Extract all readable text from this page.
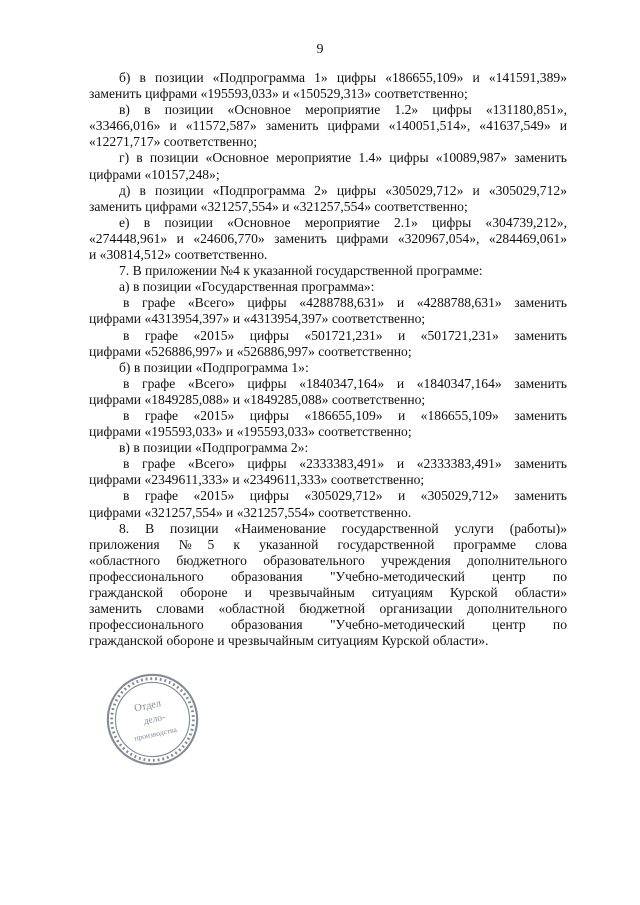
9
б) в позиции «Подпрограмма 1» цифры «186655,109» и «141591,389»
заменить цифрами «195593,033» и «150529,313» соответственно;
в) в позиции «Основное мероприятие 1.2» цифры «131180,851»,
«33466,016» и «11572,587» заменить цифрами «140051,514», «41637,549» и
«12271,717» соответственно;
г) в позиции «Основное мероприятие 1.4» цифры «10089,987» заменить
цифрами «10157,248»;
д) в позиции «Подпрограмма 2» цифры «305029,712» и «305029,712»
заменить цифрами «321257,554» и «321257,554» соответственно;
е) в позиции «Основное мероприятие 2.1» цифры «304739,212»,
«274448,961» и «24606,770» заменить цифрами «320967,054», «284469,061»
и «30814,512» соответственно.
7. В приложении №4 к указанной государственной программе:
а) в позиции «Государственная программа»:
в графе «Всего» цифры «4288788,631» и «4288788,631» заменить
цифрами «4313954,397» и «4313954,397» соответственно;
в графе «2015» цифры «501721,231» и «501721,231» заменить
цифрами «526886,997» и «526886,997» соответственно;
б) в позиции «Подпрограмма 1»:
в графе «Всего» цифры «1840347,164» и «1840347,164» заменить
цифрами «1849285,088» и «1849285,088» соответственно;
в графе «2015» цифры «186655,109» и «186655,109» заменить
цифрами «195593,033» и «195593,033» соответственно;
в) в позиции «Подпрограмма 2»:
в графе «Всего» цифры «2333383,491» и «2333383,491» заменить
цифрами «2349611,333» и «2349611,333» соответственно;
в графе «2015» цифры «305029,712» и «305029,712» заменить
цифрами «321257,554» и «321257,554» соответственно.
8. В позиции «Наименование государственной услуги (работы)»
приложения №5 к указанной государственной программе слова
«областного бюджетного образовательного учреждения дополнительного
профессионального образования "Учебно-методический центр по
гражданской обороне и чрезвычайным ситуациям Курской области»
заменить словами «областной бюджетной организации дополнительного
профессионального образования "Учебно-методический центр по
гражданской обороне и чрезвычайным ситуациям Курской области».
Отдел
дело-
производства
